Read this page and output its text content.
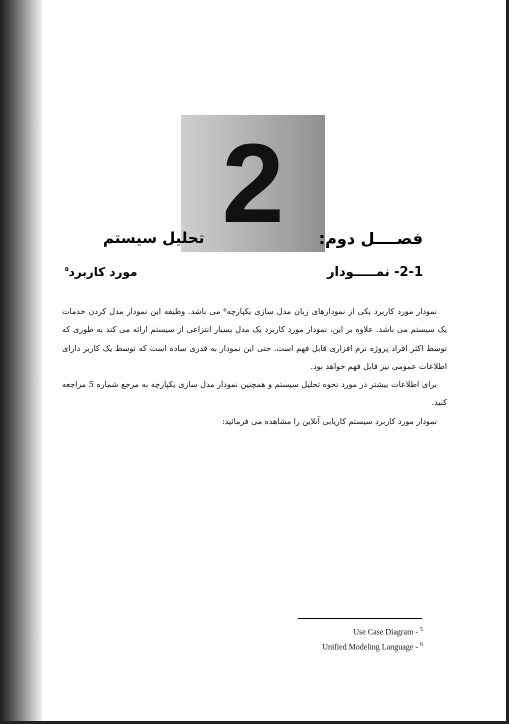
2	فصــــل دوم:
تحلیل سیستم
2-1- نمـــــودار
مورد کاربرد$^۵$

نمودار مورد کاربرد یکی از نمودارهای زبان مدل سازی یکپارچه⁶ می باشد. وظیفه این نمودار مدل کردن خدمات یک سیستم می باشد. علاوه بر این، نمودار مورد کاربرد یک مدل بسیار انتزاعی از سیستم ارائه می کند به طوری که توسط اکثر افراد پروژه نرم افزاری قابل فهم است. حتی این نمودار به قدری ساده است که توسط یک کاربر دارای اطلاعات عمومی نیز قابل فهم خواهد بود.

برای اطلاعات بیشتر در مورد نحوه تحلیل سیستم و همچنین نمودار مدل سازی یکپارچه به مرجع شماره 5 مراجعه کنید.

نمودار مورد کاربرد سیستم کاریابی آنلاین را مشاهده می فرمائید:

Use Case Diagram - $^5$
Unified Modeling Language - $^6$
